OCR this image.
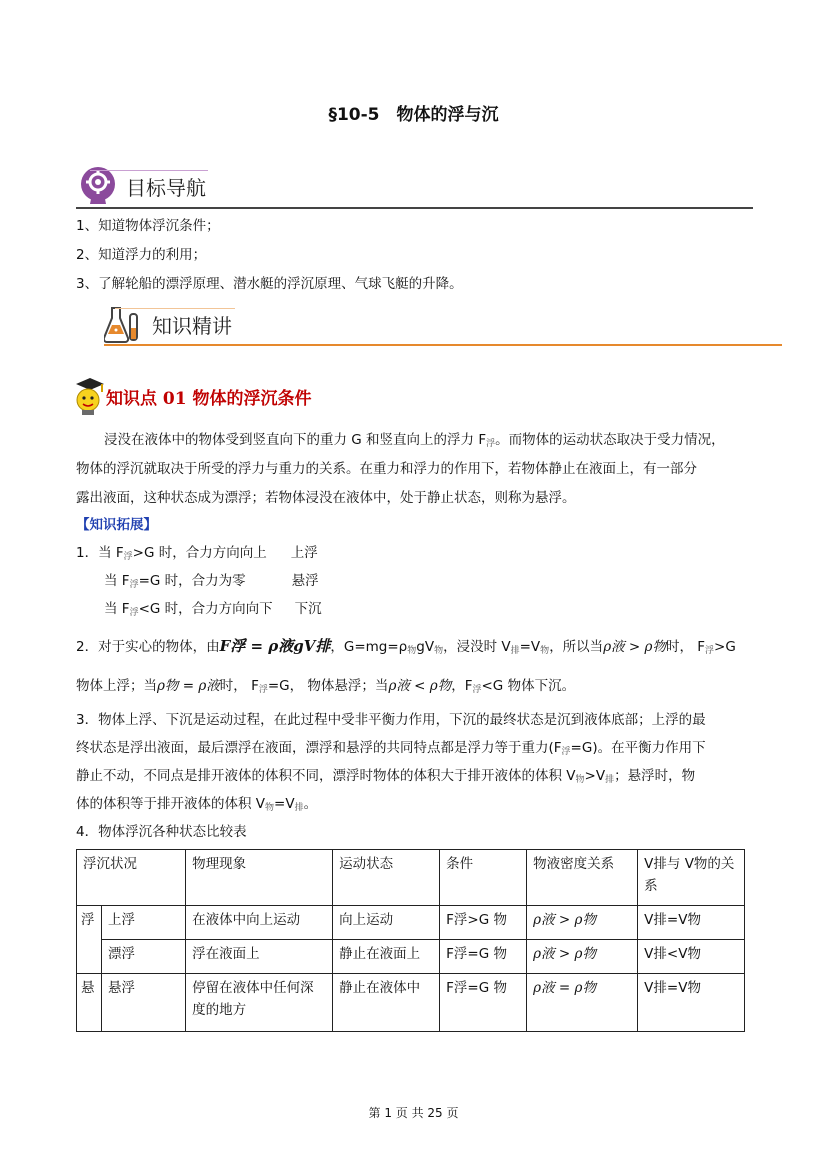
§10-5　物体的浮与沉
目标导航
1、知道物体浮沉条件；
2、知道浮力的利用；
3、了解轮船的漂浮原理、潜水艇的浮沉原理、气球飞艇的升降。
知识精讲
知识点 01 物体的浮沉条件
浸没在液体中的物体受到竖直向下的重力 G 和竖直向上的浮力 $F_浮$。而物体的运动状态取决于受力情况，
物体的浮沉就取决于所受的浮力与重力的关系。在重力和浮力的作用下，若物体静止在液面上，有一部分
露出液面，这种状态成为漂浮；若物体浸没在液体中，处于静止状态，则称为悬浮。
【知识拓展】
1．当 $F_浮>G$ 时，合力方向向上 上浮
当 $F_浮=G$ 时，合力为零	悬浮
当 $F_浮<G$ 时，合力方向向下 下沉
2．对于实心的物体，由F浮 = ρ液gV排，$G=mg=\rho_物gV_物$，浸没时 $V_排=V_物$，所以当ρ液 > ρ物时， $F_浮>G$
物体上浮；当ρ物 = ρ液时， $F_浮=G$， 物体悬浮；当ρ液 < ρ物，$F_浮<G$ 物体下沉。
3．物体上浮、下沉是运动过程，在此过程中受非平衡力作用，下沉的最终状态是沉到液体底部；上浮的最
终状态是浮出液面，最后漂浮在液面，漂浮和悬浮的共同特点都是浮力等于重力$(F_浮=G)$。在平衡力作用下
静止不动，不同点是排开液体的体积不同，漂浮时物体的体积大于排开液体的体积 $V_物>V_排$；悬浮时，物
体的体积等于排开液体的体积 $V_物=V_排$。
4．物体浮沉各种状态比较表
浮沉状况		物理现象	运动状态	条件	物液密度关系	V排与 V物的关系
浮	上浮	在液体中向上运动	向上运动	F浮>G 物	ρ液 > ρ物	V排=V物
	漂浮	浮在液面上	静止在液面上	F浮=G 物	ρ液 > ρ物	V排<V物
悬	悬浮	停留在液体中任何深度的地方	静止在液体中	F浮=G 物	ρ液 = ρ物	V排=V物
第 1 页 共 25 页
